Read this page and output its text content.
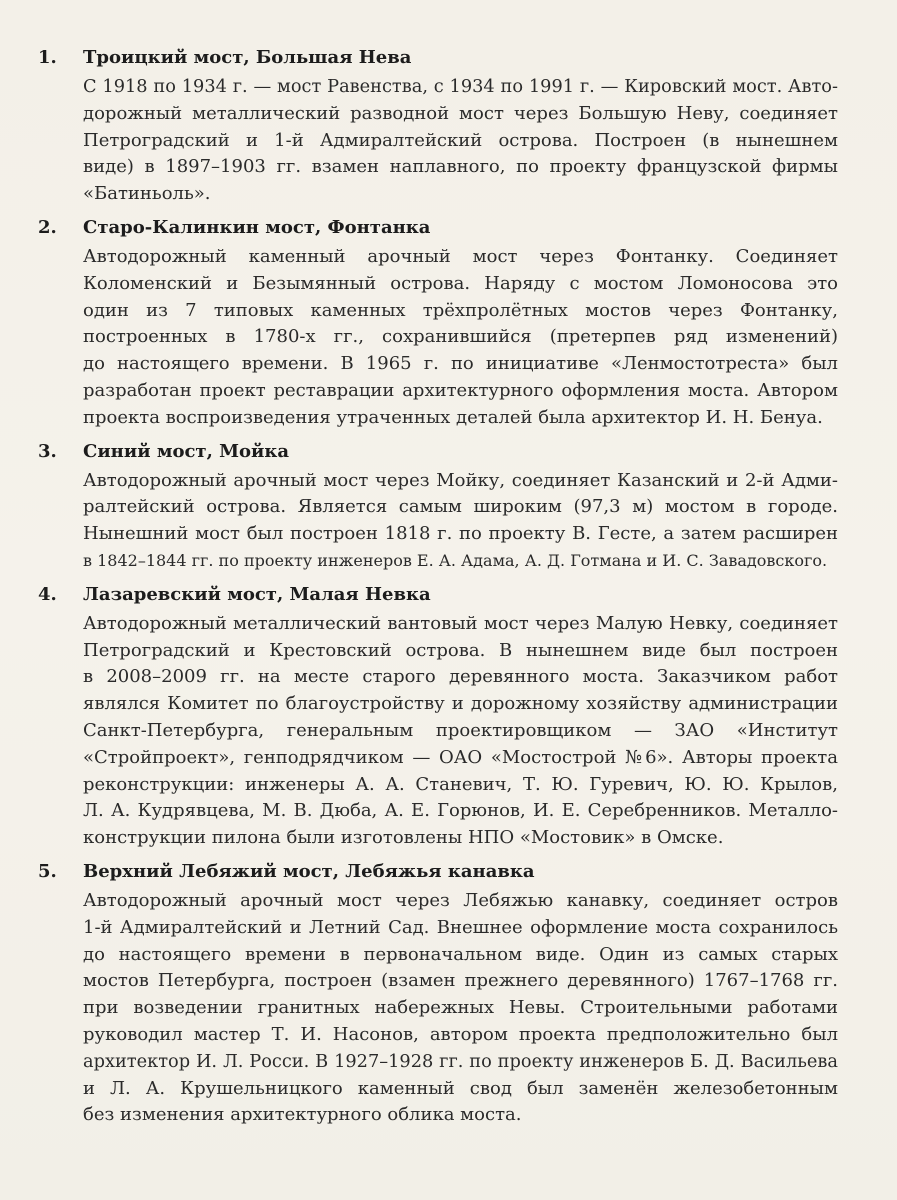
1. Троицкий мост, Большая Нева
С 1918 по 1934 г. — мост Равенства, с 1934 по 1991 г. — Кировский мост. Авто-
дорожный металлический разводной мост через Большую Неву, соединяет
Петроградский и 1-й Адмиралтейский острова. Построен (в нынешнем
виде) в 1897–1903 гг. взамен наплавного, по проекту французской фирмы
«Батиньоль».
2. Старо-Калинкин мост, Фонтанка
Автодорожный каменный арочный мост через Фонтанку. Соединяет
Коломенский и Безымянный острова. Наряду с мостом Ломоносова это
один из 7 типовых каменных трёхпролётных мостов через Фонтанку,
построенных в 1780-х гг., сохранившийся (претерпев ряд изменений)
до настоящего времени. В 1965 г. по инициативе «Ленмостотреста» был
разработан проект реставрации архитектурного оформления моста. Автором
проекта воспроизведения утраченных деталей была архитектор И. Н. Бенуа.
3. Синий мост, Мойка
Автодорожный арочный мост через Мойку, соединяет Казанский и 2-й Адми-
ралтейский острова. Является самым широким (97,3 м) мостом в городе.
Нынешний мост был построен 1818 г. по проекту В. Гесте, а затем расширен
в 1842–1844 гг. по проекту инженеров Е. А. Адама, А. Д. Готмана и И. С. Завадовского.
4. Лазаревский мост, Малая Невка
Автодорожный металлический вантовый мост через Малую Невку, соединяет
Петроградский и Крестовский острова. В нынешнем виде был построен
в 2008–2009 гг. на месте старого деревянного моста. Заказчиком работ
являлся Комитет по благоустройству и дорожному хозяйству администрации
Санкт-Петербурга, генеральным проектировщиком — ЗАО «Институт
«Стройпроект», генподрядчиком — ОАО «Мостострой №6». Авторы проекта
реконструкции: инженеры А. А. Станевич, Т. Ю. Гуревич, Ю. Ю. Крылов,
Л. А. Кудрявцева, М. В. Дюба, А. Е. Горюнов, И. Е. Серебренников. Металло-
конструкции пилона были изготовлены НПО «Мостовик» в Омске.
5. Верхний Лебяжий мост, Лебяжья канавка
Автодорожный арочный мост через Лебяжью канавку, соединяет остров
1-й Адмиралтейский и Летний Сад. Внешнее оформление моста сохранилось
до настоящего времени в первоначальном виде. Один из самых старых
мостов Петербурга, построен (взамен прежнего деревянного) 1767–1768 гг.
при возведении гранитных набережных Невы. Строительными работами
руководил мастер Т. И. Насонов, автором проекта предположительно был
архитектор И. Л. Росси. В 1927–1928 гг. по проекту инженеров Б. Д. Васильева
и Л. А. Крушельницкого каменный свод был заменён железобетонным
без изменения архитектурного облика моста.
